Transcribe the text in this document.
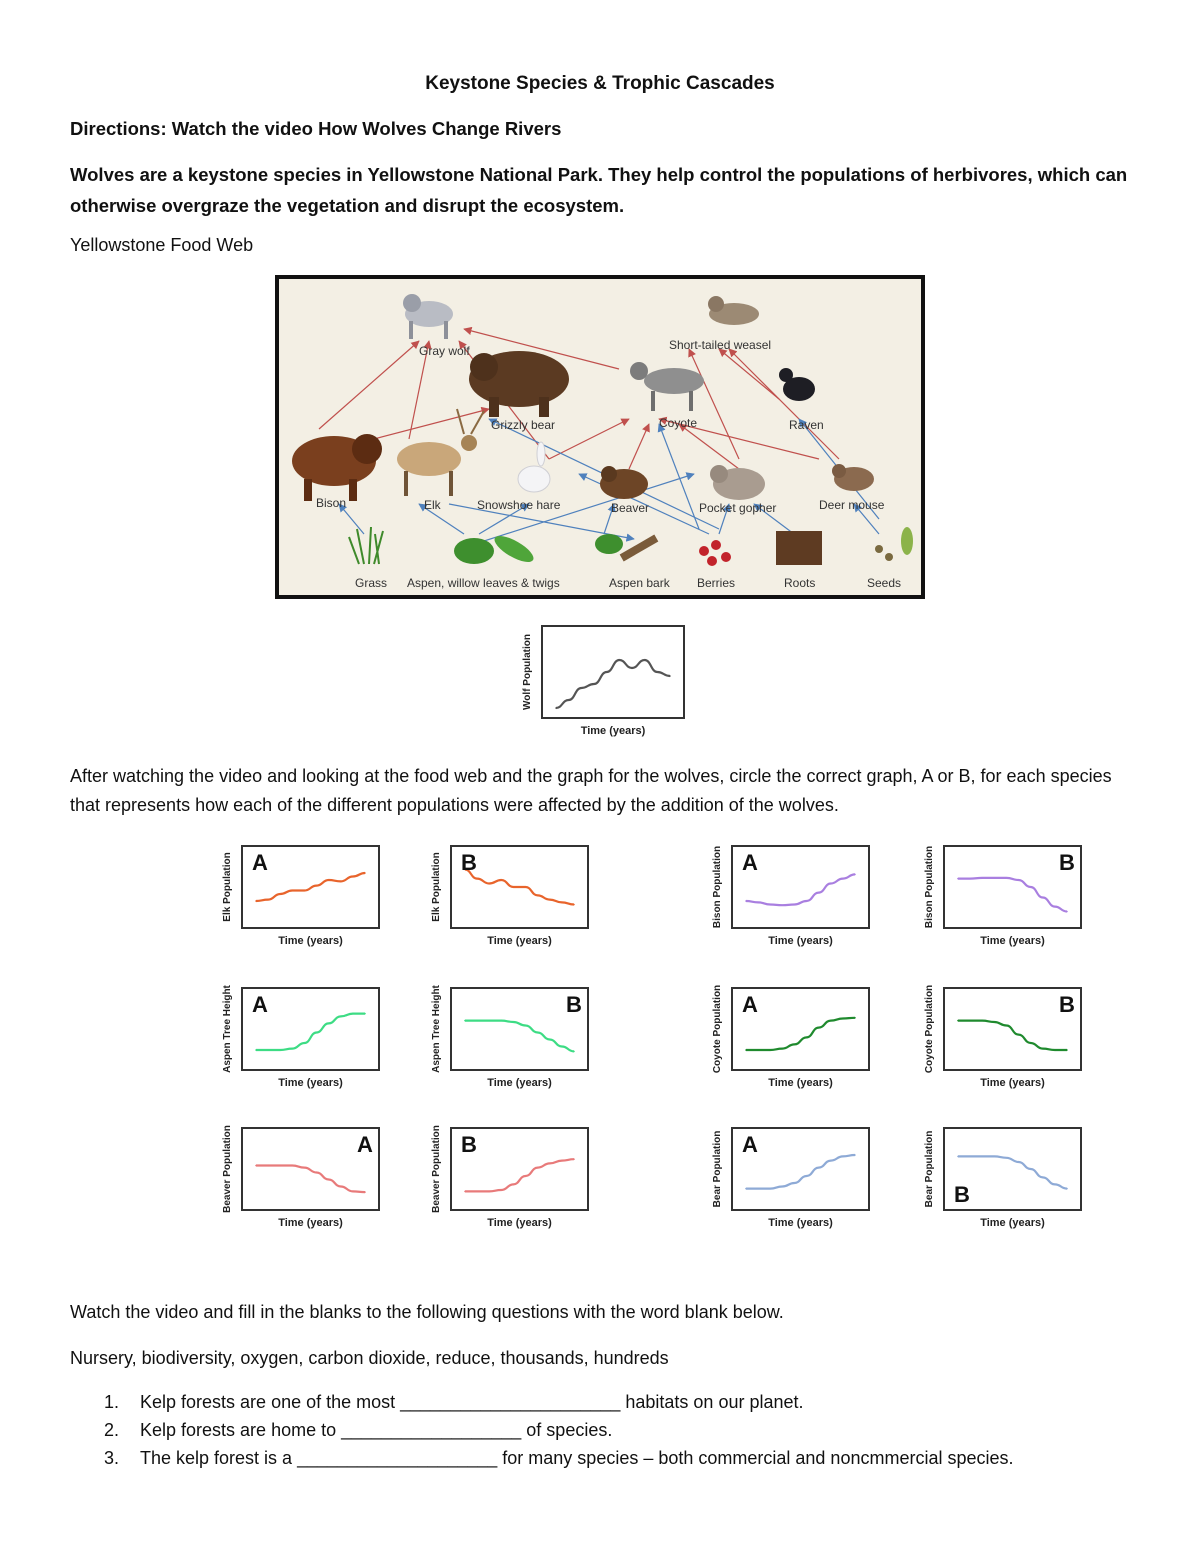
Keystone Species & Trophic Cascades
Directions: Watch the video How Wolves Change Rivers
Wolves are a keystone species in Yellowstone National Park. They help control the populations of herbivores, which can otherwise overgraze the vegetation and disrupt the ecosystem.
Yellowstone Food Web
Gray wolf	Short-tailed weasel
Grizzly bear	Coyote	Raven
Bison	Elk	Snowshoe hare	Beaver	Pocket gopher	Deer mouse
Grass Aspen, willow leaves & twigs	Aspen bark Berries	Roots	Seeds
Wolf Population
Time (years)
After watching the video and looking at the food web and the graph for the wolves, circle the correct graph, A or B, for each species that represents how each of the different populations were affected by the addition of the wolves.
Elk Population
Time (years)
A	Elk Population
Time (years)
B	Bison Population
Time (years)
A	Bison Population
Time (years)
B
Aspen Tree Height
Time (years)
A	Aspen Tree Height
Time (years)
B	Coyote Population
Time (years)
A	Coyote Population
Time (years)
B
Beaver Population
Time (years)
A	Beaver Population
Time (years)
B	Bear Population
Time (years)
A	Bear Population
Time (years)
B
Watch the video and fill in the blanks to the following questions with the word blank below.
Nursery, biodiversity, oxygen, carbon dioxide, reduce, thousands, hundreds
1. Kelp forests are one of the most ______________________ habitats on our planet.
2. Kelp forests are home to __________________ of species.
3. The kelp forest is a ____________________ for many species – both commercial and noncmmercial species.
